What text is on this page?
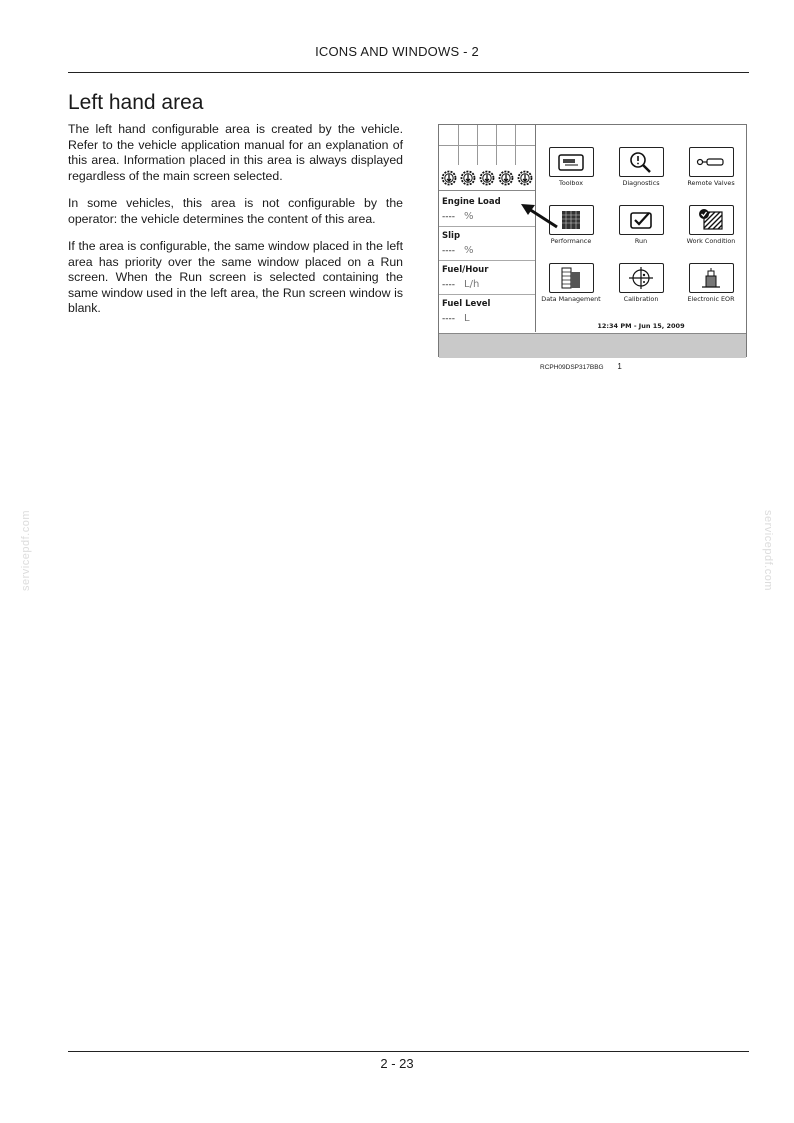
ICONS AND WINDOWS - 2
Left hand area
The left hand configurable area is created by the vehicle. Refer to the vehicle application manual for an explanation of this area. Information placed in this area is always displayed regardless of the main screen selected.
In some vehicles, this area is not configurable by the operator: the vehicle determines the content of this area.
If the area is configurable, the same window placed in the left area has priority over the same window placed on a Run screen. When the Run screen is selected containing the same window used in the left area, the Run screen window is blank.
Engine Load
---- %
Slip
---- %
Fuel/Hour
---- L/h
Fuel Level
---- L
Toolbox	Diagnostics	Remote Valves
Performance	Run	Work Condition
Data Management	Calibration	Electronic EOR
12:34 PM - Jun 15, 2009
RCPH09DSP317BBG 1
servicepdf.com	servicepdf.com
2 - 23
